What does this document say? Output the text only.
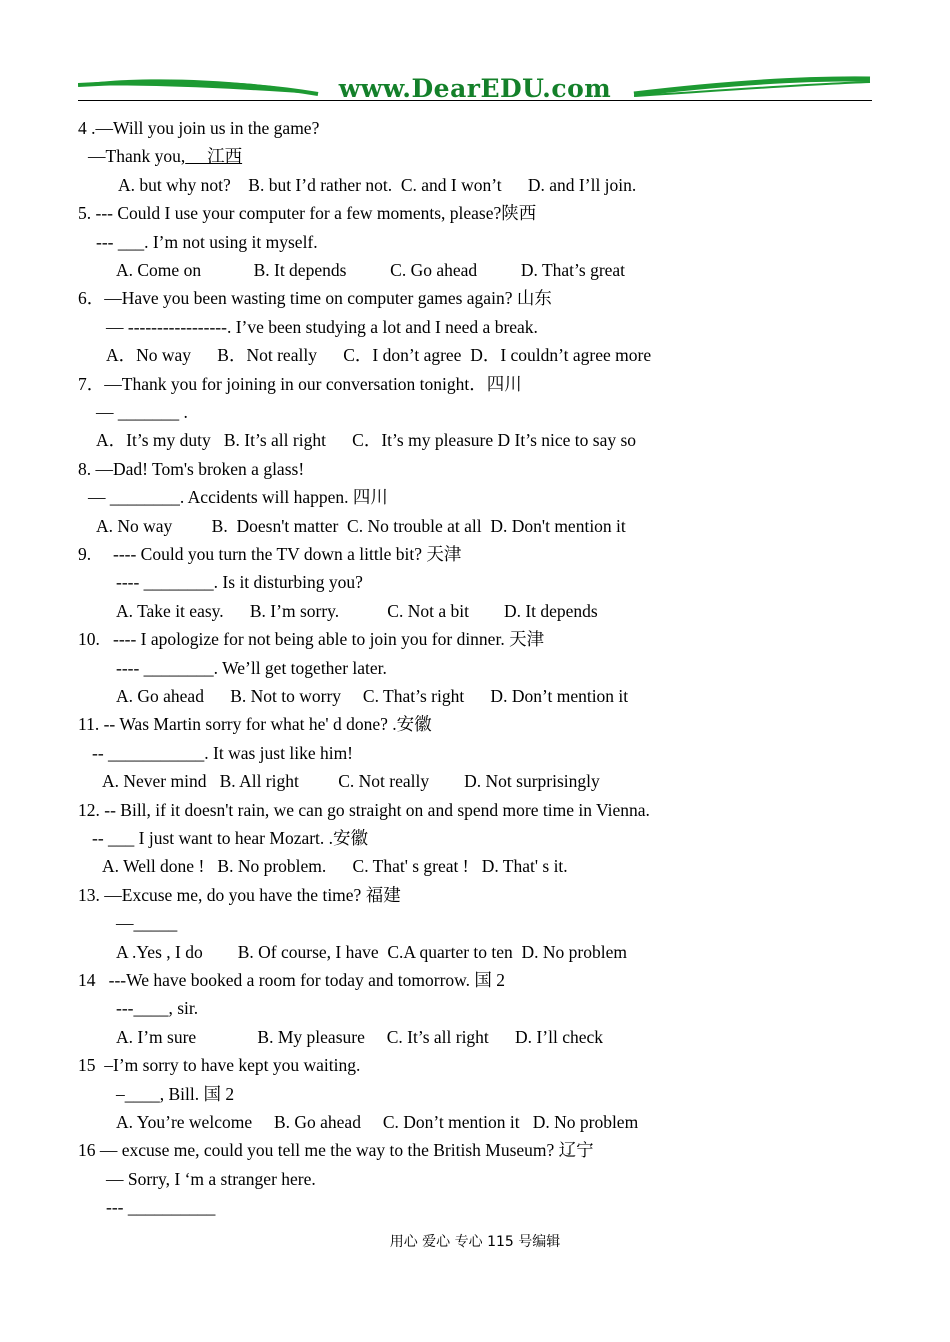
www.DearEDU.com
4 .—Will you join us in the game?
—Thank you,     江西
A. but why not?    B. but I’d rather not.  C. and I won’t      D. and I’ll join.
5. --- Could I use your computer for a few moments, please?陕西
--- ___. I’m not using it myself.
A. Come on            B. It depends          C. Go ahead          D. That’s great
6．—Have you been wasting time on computer games again? 山东
— -----------------. I’ve been studying a lot and I need a break.
A．No way      B．Not really      C．I don’t agree  D．I couldn’t agree more
7．—Thank you for joining in our conversation tonight．四川
— _______ .
A．It’s my duty   B. It’s all right      C．It’s my pleasure D It’s nice to say so
8. —Dad! Tom's broken a glass!
— ________. Accidents will happen. 四川
A. No way         B.  Doesn't matter  C. No trouble at all  D. Don't mention it
9.     ---- Could you turn the TV down a little bit? 天津
---- ________. Is it disturbing you?
A. Take it easy.      B. I’m sorry.           C. Not a bit        D. It depends
10.   ---- I apologize for not being able to join you for dinner. 天津
---- ________. We’ll get together later.
A. Go ahead      B. Not to worry     C. That’s right      D. Don’t mention it
11. -- Was Martin sorry for what he' d done? .安徽
-- ___________. It was just like him!
A. Never mind   B. All right         C. Not really        D. Not surprisingly
12. -- Bill, if it doesn't rain, we can go straight on and spend more time in Vienna.
-- ___ I just want to hear Mozart. .安徽
A. Well done !   B. No problem.      C. That' s great !   D. That' s it.
13. —Excuse me, do you have the time? 福建
—_____
A .Yes , I do        B. Of course, I have  C.A quarter to ten  D. No problem
14   ---We have booked a room for today and tomorrow. 国 2
---____, sir.
A. I’m sure              B. My pleasure     C. It’s all right      D. I’ll check
15  –I’m sorry to have kept you waiting.
–____, Bill. 国 2
A. You’re welcome     B. Go ahead     C. Don’t mention it   D. No problem
16 — excuse me, could you tell me the way to the British Museum? 辽宁
— Sorry, I ‘m a stranger here.
--- __________
用心 爱心 专心 115 号编辑
